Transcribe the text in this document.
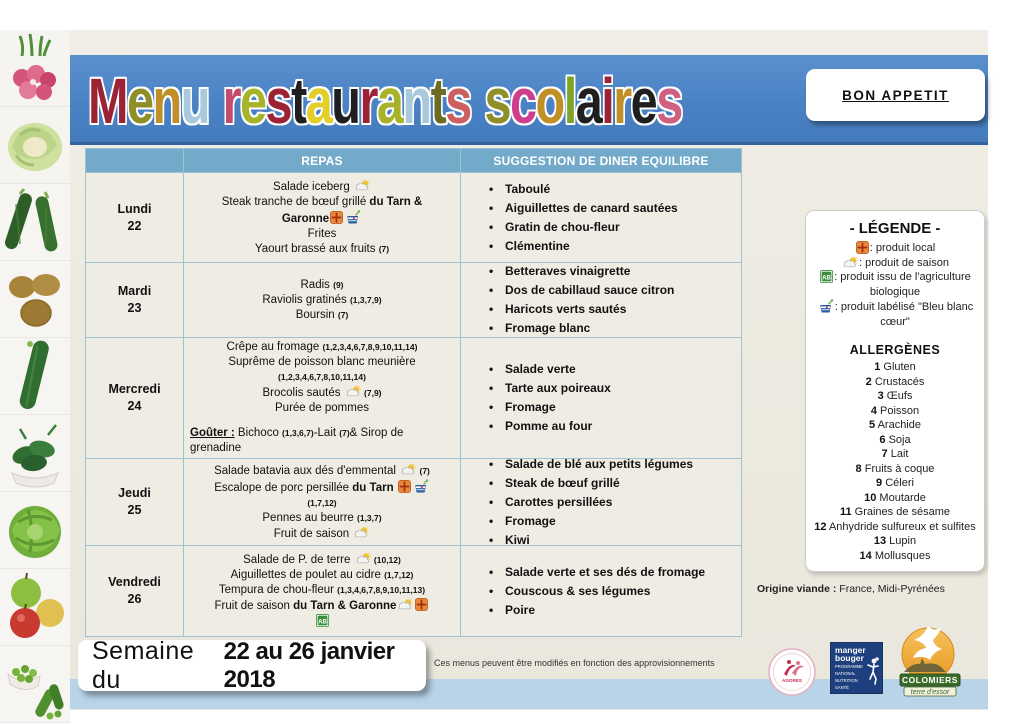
M e n u
r e s t a u r a n t s
s c o l a i r e s	BON APPETIT
REPAS	SUGGESTION DE DINER EQUILIBRE
Lundi
22
Salade iceberg
Steak tranche de bœuf grillé du Tarn &
Garonne
Frites
Yaourt brassé aux fruits (7)
• Taboulé
• Aiguillettes de canard sautées
• Gratin de chou-fleur
• Clémentine
Mardi
23
Radis (9)
Raviolis gratinés (1,3,7,9)
Boursin (7)
• Betteraves vinaigrette
• Dos de cabillaud sauce citron
• Haricots verts sautés
• Fromage blanc
Mercredi
24
Crêpe au fromage (1,2,3,4,6,7,8,9,10,11,14)
Suprême de poisson blanc meunière
(1,2,3,4,6,7,8,10,11,14)
Brocolis sautés  (7,9)
Purée de pommes
Goûter : Bichoco (1,3,6,7)-Lait (7)& Sirop de grenadine
• Salade verte
• Tarte aux poireaux
• Fromage
• Pomme au four
Jeudi
25
Salade batavia aux dés d'emmental  (7)
Escalope de porc persillée du Tarn
(1,7,12)
Pennes au beurre (1,3,7)
Fruit de saison
• Salade de blé aux petits légumes
• Steak de bœuf grillé
• Carottes persillées
• Fromage
• Kiwi
Vendredi
26
Salade de P. de terre  (10,12)
Aiguillettes de poulet au cidre (1,7,12)
Tempura de chou-fleur (1,3,4,6,7,8,9,10,11,13)
Fruit de saison du Tarn & Garonne
AB
• Salade verte et ses dés de fromage
• Couscous & ses légumes
• Poire
- LÉGENDE -
: produit local
: produit de saison
AB : produit issu de l'agriculture biologique
: produit labélisé "Bleu blanc cœur"
ALLERGÈNES
1 Gluten
2 Crustacés
3 Œufs
4 Poisson
5 Arachide
6 Soja
7 Lait
8 Fruits à coque
9 Céleri
10 Moutarde
11 Graines de sésame
12 Anhydride sulfureux et sulfites
13 Lupin
14 Mollusques
Origine viande : France, Midi-Pyrénées
Semaine du
22 au 26 janvier 2018
Ces menus peuvent être modifiés en fonction des approvisionnements
AGORES
manger
bouger
PROGRAMME
NATIONAL
NUTRITION
SANTÉ
COLOMIERS
terre d'essor
